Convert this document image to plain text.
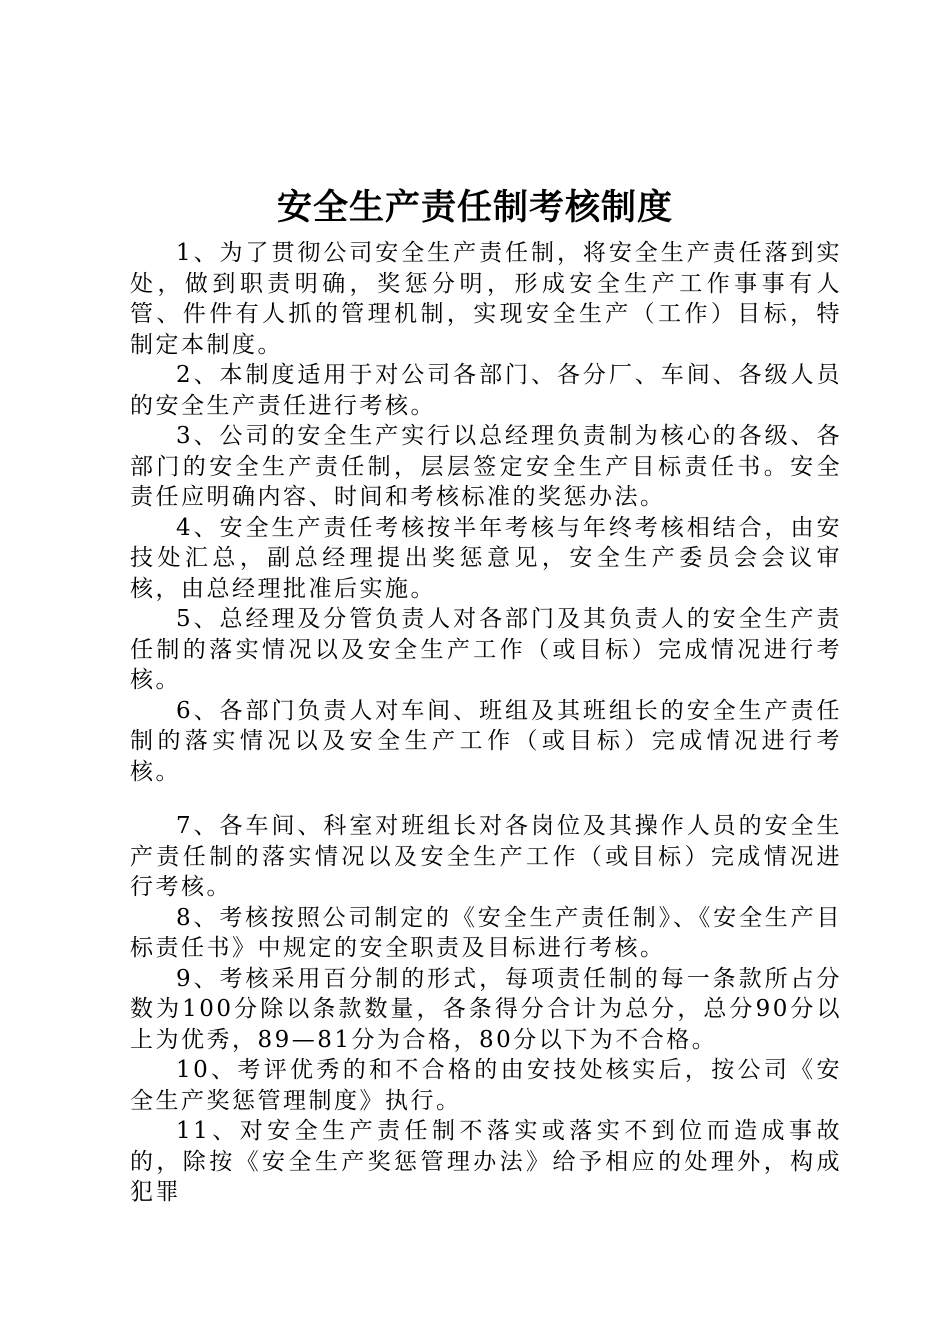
安全生产责任制考核制度

1、为了贯彻公司安全生产责任制，将安全生产责任落到实处，做到职责明确，奖惩分明，形成安全生产工作事事有人管、件件有人抓的管理机制，实现安全生产（工作）目标，特制定本制度。

2、本制度适用于对公司各部门、各分厂、车间、各级人员的安全生产责任进行考核。

3、公司的安全生产实行以总经理负责制为核心的各级、各部门的安全生产责任制，层层签定安全生产目标责任书。安全责任应明确内容、时间和考核标准的奖惩办法。

4、安全生产责任考核按半年考核与年终考核相结合，由安技处汇总，副总经理提出奖惩意见，安全生产委员会会议审核，由总经理批准后实施。

5、总经理及分管负责人对各部门及其负责人的安全生产责任制的落实情况以及安全生产工作（或目标）完成情况进行考核。

6、各部门负责人对车间、班组及其班组长的安全生产责任制的落实情况以及安全生产工作（或目标）完成情况进行考核。

7、各车间、科室对班组长对各岗位及其操作人员的安全生产责任制的落实情况以及安全生产工作（或目标）完成情况进行考核。

8、考核按照公司制定的《安全生产责任制》、《安全生产目标责任书》中规定的安全职责及目标进行考核。

9、考核采用百分制的形式，每项责任制的每一条款所占分数为100分除以条款数量，各条得分合计为总分，总分90分以上为优秀，89—81分为合格，80分以下为不合格。

10、考评优秀的和不合格的由安技处核实后，按公司《安全生产奖惩管理制度》执行。

11、对安全生产责任制不落实或落实不到位而造成事故的，除按《安全生产奖惩管理办法》给予相应的处理外，构成犯罪
